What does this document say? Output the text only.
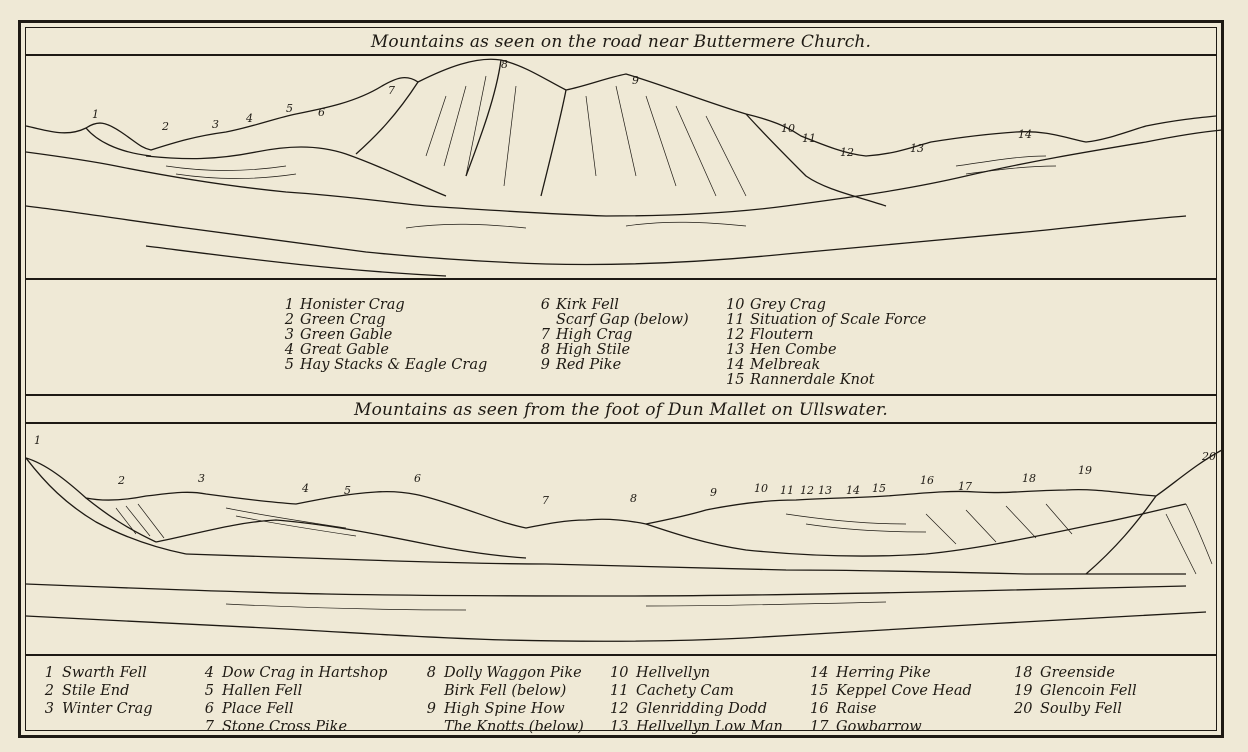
Mountains as seen on the road near Buttermere Church.
1
2	3 4
5 6
7
8
9
10
11
12	13
14
1 Honister Crag
2 Green Crag
3 Green Gable
4 Great Gable
5 Hay Stacks & Eagle Crag
6 Kirk Fell
Scarf Gap (below)
7 High Crag
8 High Stile
9 Red Pike
10 Grey Crag
11 Situation of Scale Force
12 Floutern
13 Hen Combe
14 Melbreak
15 Rannerdale Knot
Mountains as seen from the foot of Dun Mallet on Ullswater.
1
2	3
4	5
6
7	8	9	10 11 12 13 14 15
16 17
18
19
20
1 Swarth Fell
2 Stile End
3 Winter Crag
4 Dow Crag in Hartshop
5 Hallen Fell
6 Place Fell
7 Stone Cross Pike
8 Dolly Waggon Pike
Birk Fell (below)
9 High Spine How
The Knotts (below)
10 Hellvellyn
11 Cachety Cam
12 Glenridding Dodd
13 Hellvellyn Low Man
14 Herring Pike
15 Keppel Cove Head
16 Raise
17 Gowbarrow
18 Greenside
19 Glencoin Fell
20 Soulby Fell
